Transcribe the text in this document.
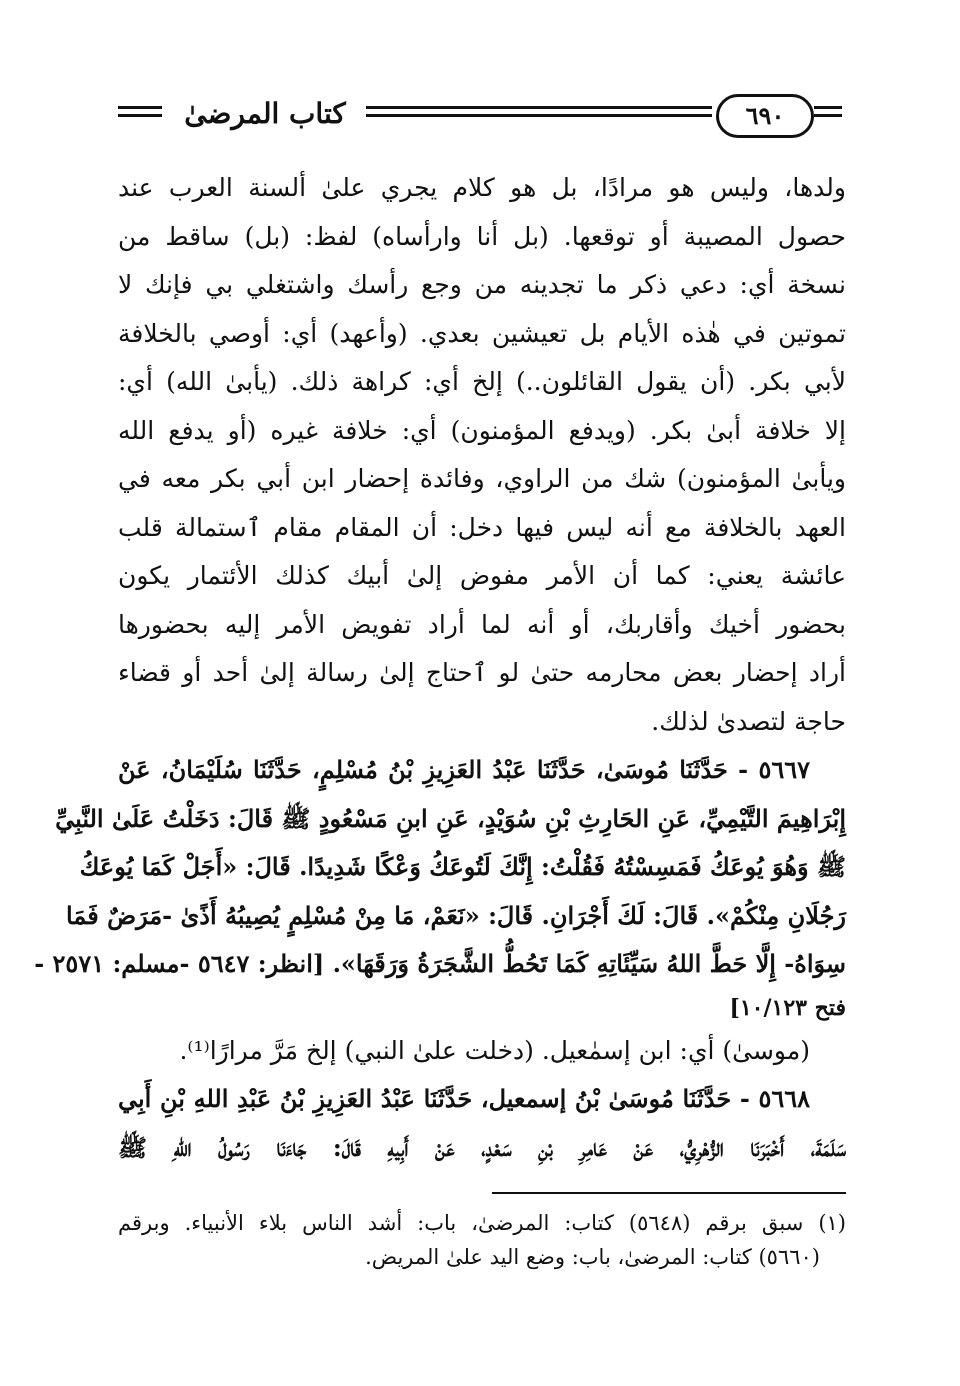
كتاب المرضىٰ	٦٩٠
ولدها، وليس هو مرادًا، بل هو كلام يجري علىٰ ألسنة العرب عند
حصول المصيبة أو توقعها. (بل أنا وارأساه) لفظ: (بل) ساقط من
نسخة أي: دعي ذكر ما تجدينه من وجع رأسك واشتغلي بي فإنك لا
تموتين في هٰذه الأيام بل تعيشين بعدي. (وأعهد) أي: أوصي بالخلافة
لأبي بكر. (أن يقول القائلون..) إلخ أي: كراهة ذلك. (يأبىٰ الله) أي:
إلا خلافة أبىٰ بكر. (ويدفع المؤمنون) أي: خلافة غيره (أو يدفع الله
ويأبىٰ المؤمنون) شك من الراوي، وفائدة إحضار ابن أبي بكر معه في
العهد بالخلافة مع أنه ليس فيها دخل: أن المقام مقام ٱستمالة قلب
عائشة يعني: كما أن الأمر مفوض إلىٰ أبيك كذلك الأئتمار يكون
بحضور أخيك وأقاربك، أو أنه لما أراد تفويض الأمر إليه بحضورها
أراد إحضار بعض محارمه حتىٰ لو ٱحتاج إلىٰ رسالة إلىٰ أحد أو قضاء
حاجة لتصدىٰ لذلك.
٥٦٦٧ - حَدَّثَنَا مُوسَىٰ، حَدَّثَنَا عَبْدُ العَزِيزِ بْنُ مُسْلِمٍ، حَدَّثَنَا سُلَيْمَانُ، عَنْ
إِبْرَاهِيمَ التَّيْمِيِّ، عَنِ الحَارِثِ بْنِ سُوَيْدٍ، عَنِ ابنِ مَسْعُودٍ ﷺ قَالَ: دَخَلْتُ عَلَىٰ النَّبِيِّ
ﷺ وَهُوَ يُوعَكُ فَمَسِسْتُهُ فَقُلْتُ: إِنَّكَ لَتُوعَكُ وَعْكًا شَدِيدًا. قَالَ: «أَجَلْ كَمَا يُوعَكُ
رَجُلَانِ مِنْكُمْ». قَالَ: لَكَ أَجْرَانِ. قَالَ: «نَعَمْ، مَا مِنْ مُسْلِمٍ يُصِيبُهُ أَذًىٰ -مَرَضٌ فَمَا
سِوَاهُ- إِلَّا حَطَّ اللهُ سَيِّئَاتِهِ كَمَا تَحُطُّ الشَّجَرَةُ وَرَقَهَا». [انظر: ٥٦٤٧ -مسلم: ٢٥٧١ -
فتح ١٠/١٢٣]
(موسىٰ) أي: ابن إسمٰعيل. (دخلت علىٰ النبي) إلخ مَرَّ مرارًا⁽¹⁾.
٥٦٦٨ - حَدَّثَنَا مُوسَىٰ بْنُ إسمعيل، حَدَّثَنَا عَبْدُ العَزِيزِ بْنُ عَبْدِ اللهِ بْنِ أَبِي
سَلَمَةَ، أَخْبَرَنَا الزُّهْرِيُّ، عَنْ عَامِرِ بْنِ سَعْدٍ، عَنْ أَبِيهِ قَالَ: جَاءَنَا رَسُولُ اللهِ ﷺ
(١) سبق برقم (٥٦٤٨) كتاب: المرضىٰ، باب: أشد الناس بلاء الأنبياء. وبرقم
(٥٦٦٠) كتاب: المرضىٰ، باب: وضع اليد علىٰ المريض.
